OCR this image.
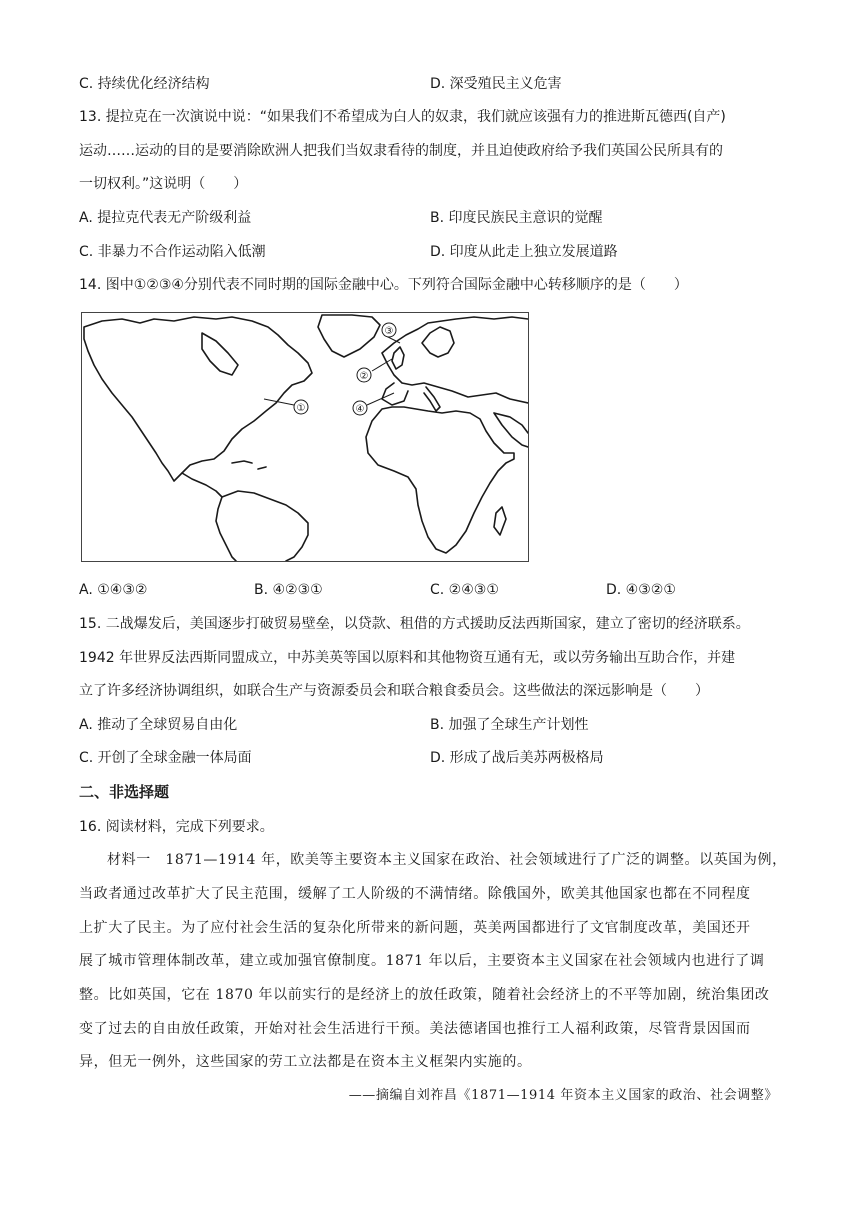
C. 持续优化经济结构	D. 深受殖民主义危害
13. 提拉克在一次演说中说：“如果我们不希望成为白人的奴隶，我们就应该强有力的推进斯瓦德西(自产)
运动……运动的目的是要消除欧洲人把我们当奴隶看待的制度，并且迫使政府给予我们英国公民所具有的
一切权利。”这说明（　　）
A. 提拉克代表无产阶级利益	B. 印度民族民主意识的觉醒
C. 非暴力不合作运动陷入低潮	D. 印度从此走上独立发展道路
14. 图中①②③④分别代表不同时期的国际金融中心。下列符合国际金融中心转移顺序的是（　　）
①
②
③
④
A. ①④③②	B. ④②③①	C. ②④③①	D. ④③②①
15. 二战爆发后，美国逐步打破贸易壁垒，以贷款、租借的方式援助反法西斯国家，建立了密切的经济联系。
1942 年世界反法西斯同盟成立，中苏美英等国以原料和其他物资互通有无，或以劳务输出互助合作，并建
立了许多经济协调组织，如联合生产与资源委员会和联合粮食委员会。这些做法的深远影响是（　　）
A. 推动了全球贸易自由化	B. 加强了全球生产计划性
C. 开创了全球金融一体局面	D. 形成了战后美苏两极格局
二、非选择题
16. 阅读材料，完成下列要求。
材料一　1871—1914 年，欧美等主要资本主义国家在政治、社会领域进行了广泛的调整。以英国为例，
当政者通过改革扩大了民主范围，缓解了工人阶级的不满情绪。除俄国外，欧美其他国家也都在不同程度
上扩大了民主。为了应付社会生活的复杂化所带来的新问题，英美两国都进行了文官制度改革，美国还开
展了城市管理体制改革，建立或加强官僚制度。1871 年以后，主要资本主义国家在社会领域内也进行了调
整。比如英国，它在 1870 年以前实行的是经济上的放任政策，随着社会经济上的不平等加剧，统治集团改
变了过去的自由放任政策，开始对社会生活进行干预。美法德诸国也推行工人福利政策，尽管背景因国而
异，但无一例外，这些国家的劳工立法都是在资本主义框架内实施的。
——摘编自刘祚昌《1871—1914 年资本主义国家的政治、社会调整》
